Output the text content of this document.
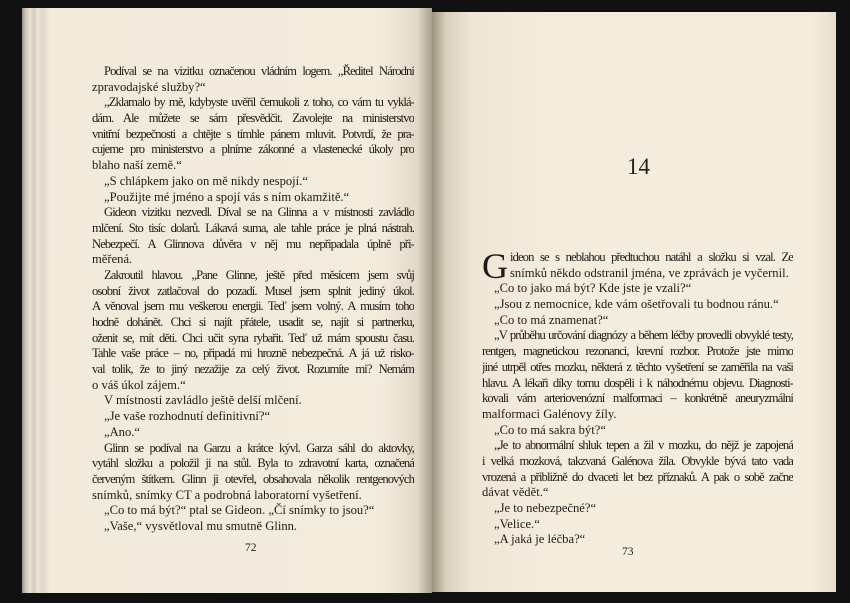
Podíval se na vizitku označenou vládním logem. „Ředitel Národní
zpravodajské služby?“
„Zklamalo by mě, kdybyste uvěřil čemukoli z toho, co vám tu vyklá-
dám. Ale můžete se sám přesvědčit. Zavolejte na ministerstvo
vnitřní bezpečnosti a chtějte s tímhle pánem mluvit. Potvrdí, že pra-
cujeme pro ministerstvo a plníme zákonné a vlastenecké úkoly pro
blaho naší země.“
„S chlápkem jako on mě nikdy nespojí.“
„Použijte mé jméno a spojí vás s ním okamžitě.“
Gideon vizitku nezvedl. Díval se na Glinna a v místnosti zavládlo
mlčení. Sto tisíc dolarů. Lákavá suma, ale tahle práce je plná nástrah.
Nebezpečí. A Glinnova důvěra v něj mu nepřipadala úplně při-
měřená.
Zakroutil hlavou. „Pane Glinne, ještě před měsícem jsem svůj
osobní život zatlačoval do pozadí. Musel jsem splnit jediný úkol.
A věnoval jsem mu veškerou energii. Teď jsem volný. A musím toho
hodně dohánět. Chci si najít přátele, usadit se, najít si partnerku,
oženit se, mít děti. Chci učit syna rybařit. Teď už mám spoustu času.
Tahle vaše práce – no, připadá mi hrozně nebezpečná. A já už risko-
val tolik, že to jiný nezažije za celý život. Rozumíte mi? Nemám
o váš úkol zájem.“
V místnosti zavládlo ještě delší mlčení.
„Je vaše rozhodnutí definitivní?“
„Ano.“
Glinn se podíval na Garzu a krátce kývl. Garza sáhl do aktovky,
vytáhl složku a položil ji na stůl. Byla to zdravotní karta, označená
červeným štítkem. Glinn ji otevřel, obsahovala několik rentgenových
snímků, snímky CT a podrobná laboratorní vyšetření.
„Co to má být?“ ptal se Gideon. „Čí snímky to jsou?“
„Vaše,“ vysvětloval mu smutně Glinn.
72
14
G ideon se s neblahou předtuchou natáhl a složku si vzal. Ze
snímků někdo odstranil jména, ve zprávách je vyčernil.
„Co to jako má být? Kde jste je vzali?“
„Jsou z nemocnice, kde vám ošetřovali tu bodnou ránu.“
„Co to má znamenat?“
„V průběhu určování diagnózy a během léčby provedli obvyklé testy,
rentgen, magnetickou rezonanci, krevní rozbor. Protože jste mimo
jiné utrpěl otřes mozku, některá z těchto vyšetření se zaměřila na vaši
hlavu. A lékaři díky tomu dospěli i k náhodnému objevu. Diagnosti-
kovali vám arteriovenózní malformaci – konkrétně aneuryzmální
malformaci Galénovy žíly.
„Co to má sakra být?“
„Je to abnormální shluk tepen a žil v mozku, do nějž je zapojená
i velká mozková, takzvaná Galénova žíla. Obvykle bývá tato vada
vrozená a přibližně do dvaceti let bez příznaků. A pak o sobě začne
dávat vědět.“
„Je to nebezpečné?“
„Velice.“
„A jaká je léčba?“
73
